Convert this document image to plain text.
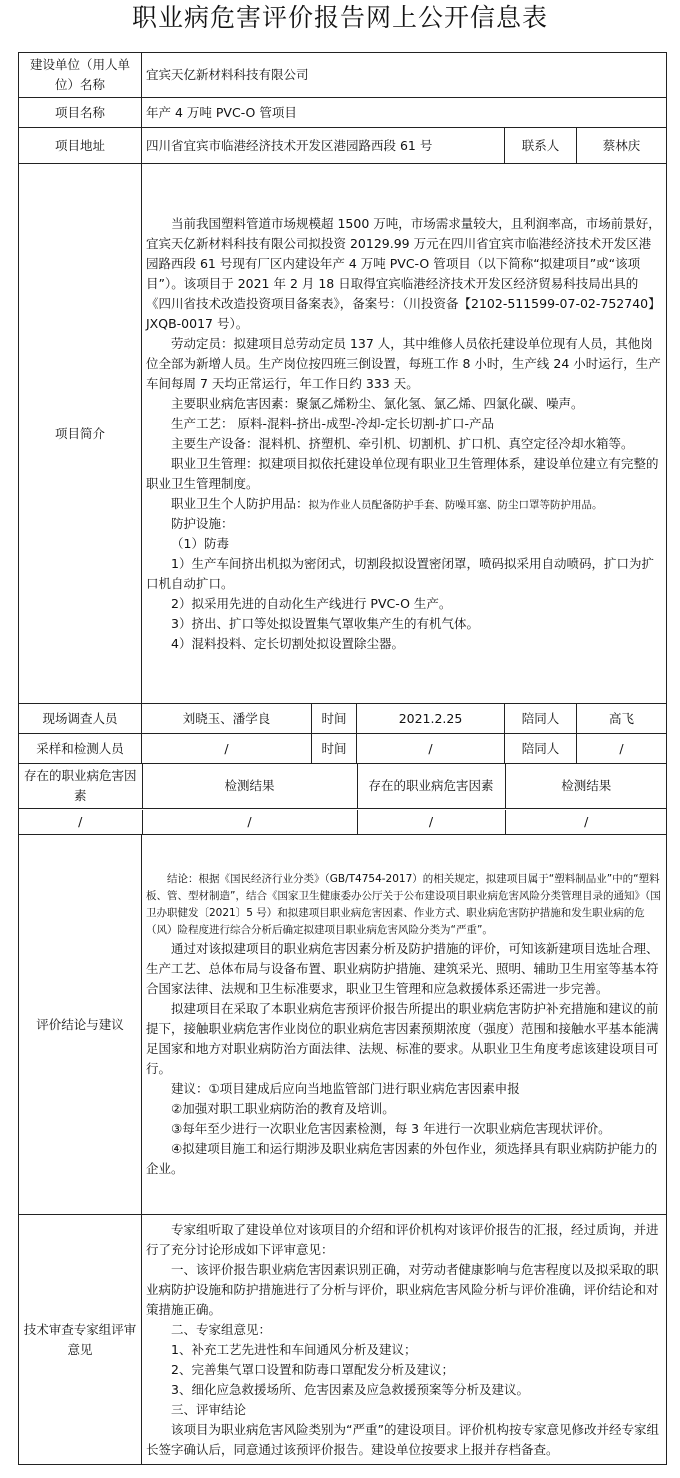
职业病危害评价报告网上公开信息表
建设单位（用人单位）名称	宜宾天亿新材料科技有限公司
项目名称	年产 4 万吨 PVC-O 管项目
项目地址	四川省宜宾市临港经济技术开发区港园路西段 61 号	联系人	蔡林庆
项目简介	

当前我国塑料管道市场规模超 1500 万吨，市场需求量较大，且利润率高，市场前景好，宜宾天亿新材料科技有限公司拟投资 20129.99 万元在四川省宜宾市临港经济技术开发区港园路西段 61 号现有厂区内建设年产 4 万吨 PVC-O 管项目（以下简称“拟建项目”或“该项目”）。该项目于 2021 年 2 月 18 日取得宜宾临港经济技术开发区经济贸易科技局出具的《四川省技术改造投资项目备案表》，备案号：（川投资备【2102-511599-07-02-752740】JXQB-0017 号）。

劳动定员：拟建项目总劳动定员 137 人，其中维修人员依托建设单位现有人员，其他岗位全部为新增人员。生产岗位按四班三倒设置，每班工作 8 小时，生产线 24 小时运行，生产车间每周 7 天均正常运行，年工作日约 333 天。

主要职业病危害因素：聚氯乙烯粉尘、氯化氢、氯乙烯、四氯化碳、噪声。

生产工艺： 原料-混料-挤出-成型-冷却-定长切割-扩口-产品

主要生产设备：混料机、挤塑机、牵引机、切割机、扩口机、真空定径冷却水箱等。

职业卫生管理：拟建项目拟依托建设单位现有职业卫生管理体系，建设单位建立有完整的职业卫生管理制度。

职业卫生个人防护用品：拟为作业人员配备防护手套、防噪耳塞、防尘口罩等防护用品。

防护设施：

（1）防毒

1）生产车间挤出机拟为密闭式，切割段拟设置密闭罩，喷码拟采用自动喷码，扩口为扩口机自动扩口。

2）拟采用先进的自动化生产线进行 PVC-O 生产。

3）挤出、扩口等处拟设置集气罩收集产生的有机气体。

4）混料投料、定长切割处拟设置除尘器。

现场调查人员	刘晓玉、潘学良	时间	2021.2.25	陪同人	高飞
采样和检测人员	/	时间	/	陪同人	/

存在的职业病危害因素	检测结果	存在的职业病危害因素	检测结果

/	/	/	/

评价结论与建议	

结论：根据《国民经济行业分类》（GB/T4754-2017）的相关规定，拟建项目属于“塑料制品业”中的“塑料板、管、型材制造”，结合《国家卫生健康委办公厅关于公布建设项目职业病危害风险分类管理目录的通知》（国卫办职健发〔2021〕5 号）和拟建项目职业病危害因素、作业方式、职业病危害防护措施和发生职业病的危（风）险程度进行综合分析后确定拟建项目职业病危害风险分类为“严重”。

通过对该拟建项目的职业病危害因素分析及防护措施的评价，可知该新建项目选址合理、生产工艺、总体布局与设备布置、职业病防护措施、建筑采光、照明、辅助卫生用室等基本符合国家法律、法规和卫生标准要求，职业卫生管理和应急救援体系还需进一步完善。

拟建项目在采取了本职业病危害预评价报告所提出的职业病危害防护补充措施和建议的前提下，接触职业病危害作业岗位的职业病危害因素预期浓度（强度）范围和接触水平基本能满足国家和地方对职业病防治方面法律、法规、标准的要求。从职业卫生角度考虑该建设项目可行。

建议：①项目建成后应向当地监管部门进行职业病危害因素申报

②加强对职工职业病防治的教育及培训。

③每年至少进行一次职业危害因素检测，每 3 年进行一次职业病危害现状评价。

④拟建项目施工和运行期涉及职业病危害因素的外包作业，须选择具有职业病防护能力的企业。

技术审查专家组评审意见	

专家组听取了建设单位对该项目的介绍和评价机构对该评价报告的汇报，经过质询，并进行了充分讨论形成如下评审意见：

一、该评价报告职业病危害因素识别正确，对劳动者健康影响与危害程度以及拟采取的职业病防护设施和防护措施进行了分析与评价，职业病危害风险分析与评价准确，评价结论和对策措施正确。

二、专家组意见：

1、补充工艺先进性和车间通风分析及建议；

2、完善集气罩口设置和防毒口罩配发分析及建议；

3、细化应急救援场所、危害因素及应急救援预案等分析及建议。

三、评审结论

该项目为职业病危害风险类别为“严重”的建设项目。评价机构按专家意见修改并经专家组长签字确认后，同意通过该预评价报告。建设单位按要求上报并存档备查。
